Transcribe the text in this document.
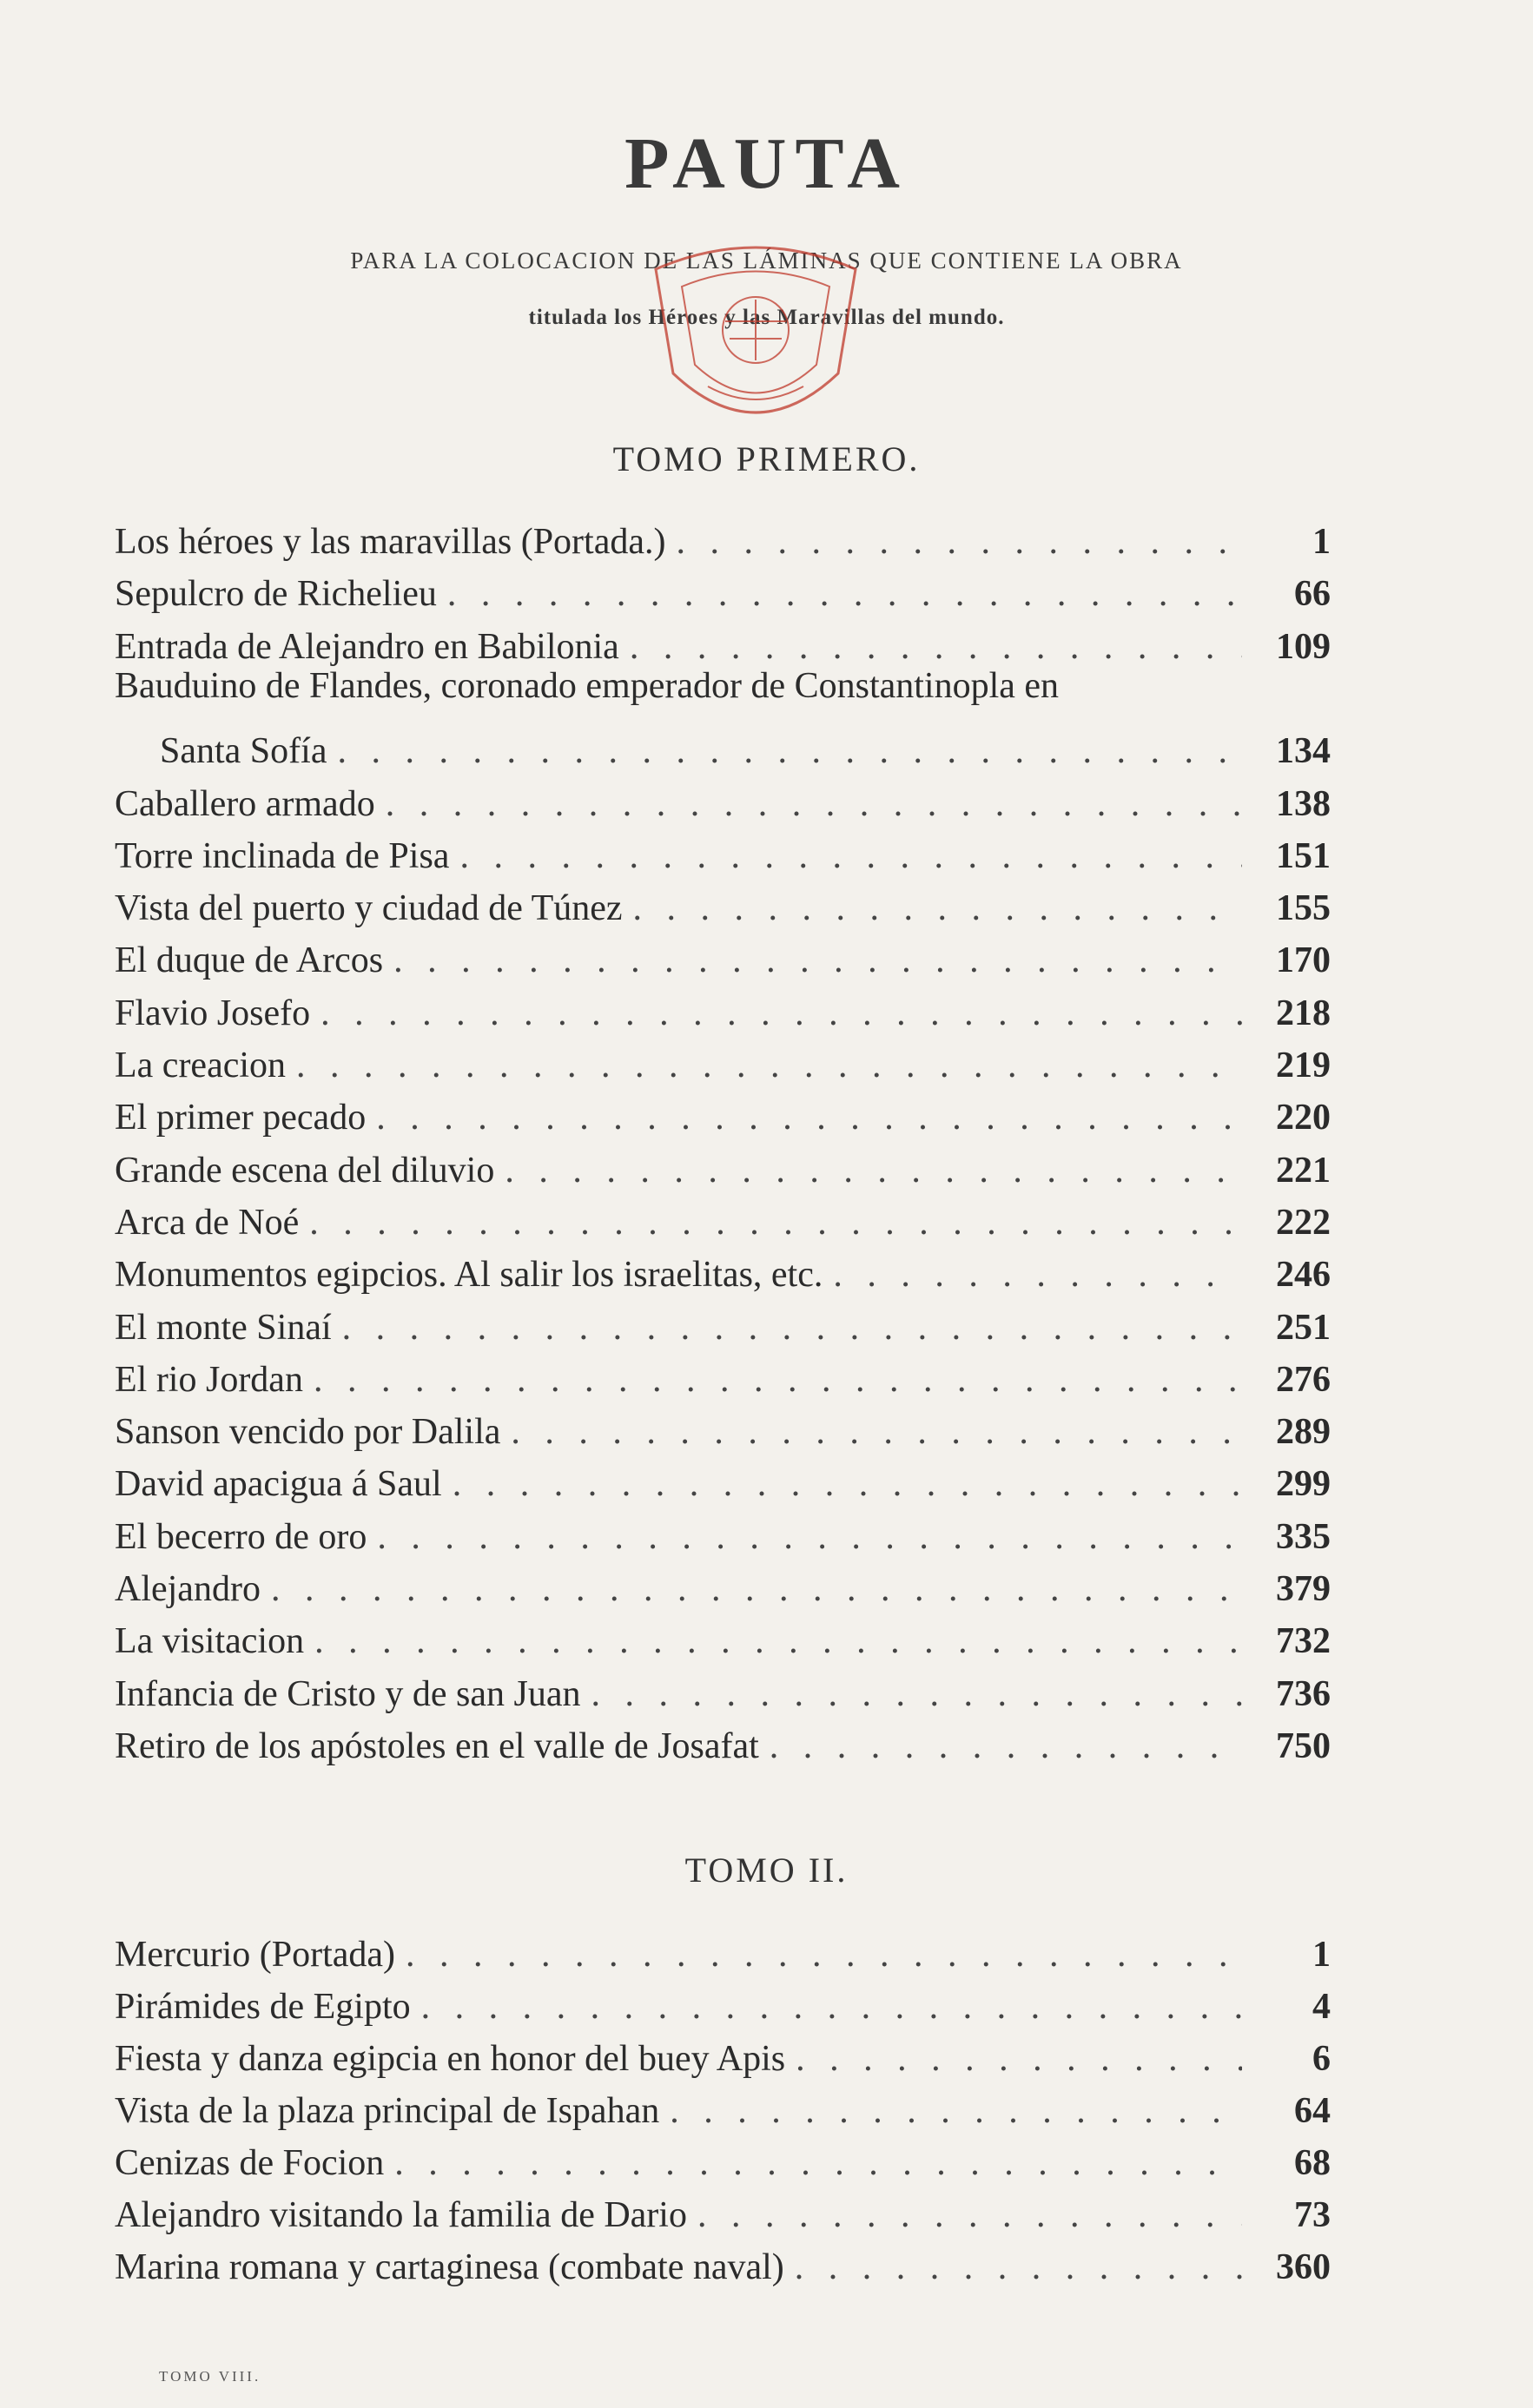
PAUTA
PARA LA COLOCACION DE LAS LÁMINAS QUE CONTIENE LA OBRA
titulada los Héroes y las Maravillas del mundo.
TOMO PRIMERO.
Los héroes y las maravillas (Portada.) . . .	1
Sepulcro de Richelieu . . .	66
Entrada de Alejandro en Babilonia . . .	109
Bauduino de Flandes, coronado emperador de Constantinopla en
Santa Sofía . . .	134
Caballero armado . . .	138
Torre inclinada de Pisa . . .	151
Vista del puerto y ciudad de Túnez . . .	155
El duque de Arcos . . .	170
Flavio Josefo . . .	218
La creacion . . .	219
El primer pecado . . .	220
Grande escena del diluvio . . .	221
Arca de Noé . . .	222
Monumentos egipcios. Al salir los israelitas, etc. . . .	246
El monte Sinaí . . .	251
El rio Jordan . . .	276
Sanson vencido por Dalila . . .	289
David apacigua á Saul . . .	299
El becerro de oro . . .	335
Alejandro . . .	379
La visitacion . . .	732
Infancia de Cristo y de san Juan . . .	736
Retiro de los apóstoles en el valle de Josafat . . .	750
TOMO II.
Mercurio (Portada) . . .	1
Pirámides de Egipto . . .	4
Fiesta y danza egipcia en honor del buey Apis . . .	6
Vista de la plaza principal de Ispahan . . .	64
Cenizas de Focion . . .	68
Alejandro visitando la familia de Dario . . .	73
Marina romana y cartaginesa (combate naval) . . .	360
TOMO VIII.
